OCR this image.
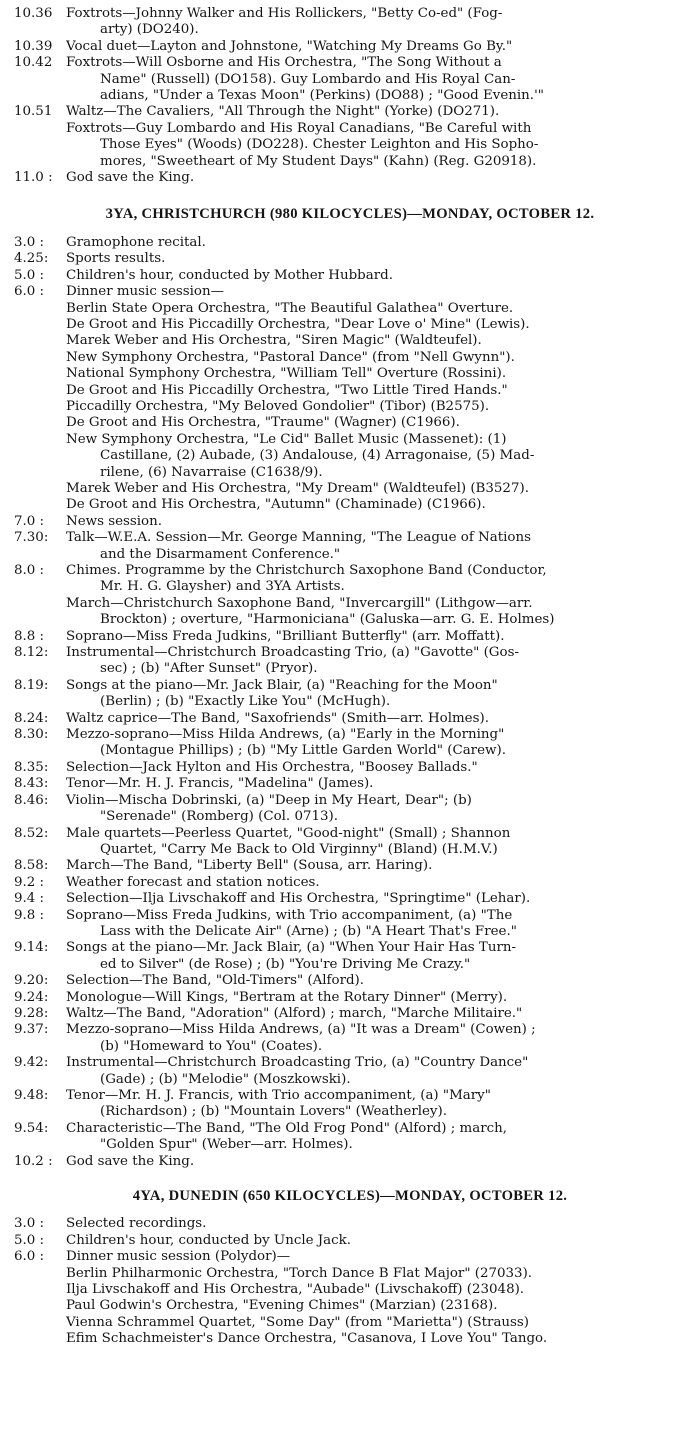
10.36	Foxtrots—Johnny Walker and His Rollickers, "Betty Co-ed" (Fog-
arty) (DO240).
10.39	Vocal duet—Layton and Johnstone, "Watching My Dreams Go By."
10.42	Foxtrots—Will Osborne and His Orchestra, "The Song Without a
Name" (Russell) (DO158). Guy Lombardo and His Royal Can-
adians, "Under a Texas Moon" (Perkins) (DO88) ; "Good Evenin.'"
10.51	Waltz—The Cavaliers, "All Through the Night" (Yorke) (DO271).
Foxtrots—Guy Lombardo and His Royal Canadians, "Be Careful with
Those Eyes" (Woods) (DO228). Chester Leighton and His Sopho-
mores, "Sweetheart of My Student Days" (Kahn) (Reg. G20918).
11.0 :	God save the King.
3YA, CHRISTCHURCH (980 KILOCYCLES)—MONDAY, OCTOBER 12.
3.0 :	Gramophone recital.
4.25:	Sports results.
5.0 :	Children's hour, conducted by Mother Hubbard.
6.0 :	Dinner music session—
Berlin State Opera Orchestra, "The Beautiful Galathea" Overture.
De Groot and His Piccadilly Orchestra, "Dear Love o' Mine" (Lewis).
Marek Weber and His Orchestra, "Siren Magic" (Waldteufel).
New Symphony Orchestra, "Pastoral Dance" (from "Nell Gwynn").
National Symphony Orchestra, "William Tell" Overture (Rossini).
De Groot and His Piccadilly Orchestra, "Two Little Tired Hands."
Piccadilly Orchestra, "My Beloved Gondolier" (Tibor) (B2575).
De Groot and His Orchestra, "Traume" (Wagner) (C1966).
New Symphony Orchestra, "Le Cid" Ballet Music (Massenet): (1)
Castillane, (2) Aubade, (3) Andalouse, (4) Arragonaise, (5) Mad-
rilene, (6) Navarraise (C1638/9).
Marek Weber and His Orchestra, "My Dream" (Waldteufel) (B3527).
De Groot and His Orchestra, "Autumn" (Chaminade) (C1966).
7.0 :	News session.
7.30:	Talk—W.E.A. Session—Mr. George Manning, "The League of Nations
and the Disarmament Conference."
8.0 :	Chimes. Programme by the Christchurch Saxophone Band (Conductor,
Mr. H. G. Glaysher) and 3YA Artists.
March—Christchurch Saxophone Band, "Invercargill" (Lithgow—arr.
Brockton) ; overture, "Harmoniciana" (Galuska—arr. G. E. Holmes)
8.8 :	Soprano—Miss Freda Judkins, "Brilliant Butterfly" (arr. Moffatt).
8.12:	Instrumental—Christchurch Broadcasting Trio, (a) "Gavotte" (Gos-
sec) ; (b) "After Sunset" (Pryor).
8.19:	Songs at the piano—Mr. Jack Blair, (a) "Reaching for the Moon"
(Berlin) ; (b) "Exactly Like You" (McHugh).
8.24:	Waltz caprice—The Band, "Saxofriends" (Smith—arr. Holmes).
8.30:	Mezzo-soprano—Miss Hilda Andrews, (a) "Early in the Morning"
(Montague Phillips) ; (b) "My Little Garden World" (Carew).
8.35:	Selection—Jack Hylton and His Orchestra, "Boosey Ballads."
8.43:	Tenor—Mr. H. J. Francis, "Madelina" (James).
8.46:	Violin—Mischa Dobrinski, (a) "Deep in My Heart, Dear"; (b)
"Serenade" (Romberg) (Col. 0713).
8.52:	Male quartets—Peerless Quartet, "Good-night" (Small) ; Shannon
Quartet, "Carry Me Back to Old Virginny" (Bland) (H.M.V.)
8.58:	March—The Band, "Liberty Bell" (Sousa, arr. Haring).
9.2 :	Weather forecast and station notices.
9.4 :	Selection—Ilja Livschakoff and His Orchestra, "Springtime" (Lehar).
9.8 :	Soprano—Miss Freda Judkins, with Trio accompaniment, (a) "The
Lass with the Delicate Air" (Arne) ; (b) "A Heart That's Free."
9.14:	Songs at the piano—Mr. Jack Blair, (a) "When Your Hair Has Turn-
ed to Silver" (de Rose) ; (b) "You're Driving Me Crazy."
9.20:	Selection—The Band, "Old-Timers" (Alford).
9.24:	Monologue—Will Kings, "Bertram at the Rotary Dinner" (Merry).
9.28:	Waltz—The Band, "Adoration" (Alford) ; march, "Marche Militaire."
9.37:	Mezzo-soprano—Miss Hilda Andrews, (a) "It was a Dream" (Cowen) ;
(b) "Homeward to You" (Coates).
9.42:	Instrumental—Christchurch Broadcasting Trio, (a) "Country Dance"
(Gade) ; (b) "Melodie" (Moszkowski).
9.48:	Tenor—Mr. H. J. Francis, with Trio accompaniment, (a) "Mary"
(Richardson) ; (b) "Mountain Lovers" (Weatherley).
9.54:	Characteristic—The Band, "The Old Frog Pond" (Alford) ; march,
"Golden Spur" (Weber—arr. Holmes).
10.2 :	God save the King.
4YA, DUNEDIN (650 KILOCYCLES)—MONDAY, OCTOBER 12.
3.0 :	Selected recordings.
5.0 :	Children's hour, conducted by Uncle Jack.
6.0 :	Dinner music session (Polydor)—
Berlin Philharmonic Orchestra, "Torch Dance B Flat Major" (27033).
Ilja Livschakoff and His Orchestra, "Aubade" (Livschakoff) (23048).
Paul Godwin's Orchestra, "Evening Chimes" (Marzian) (23168).
Vienna Schrammel Quartet, "Some Day" (from "Marietta") (Strauss)
Efim Schachmeister's Dance Orchestra, "Casanova, I Love You" Tango.
